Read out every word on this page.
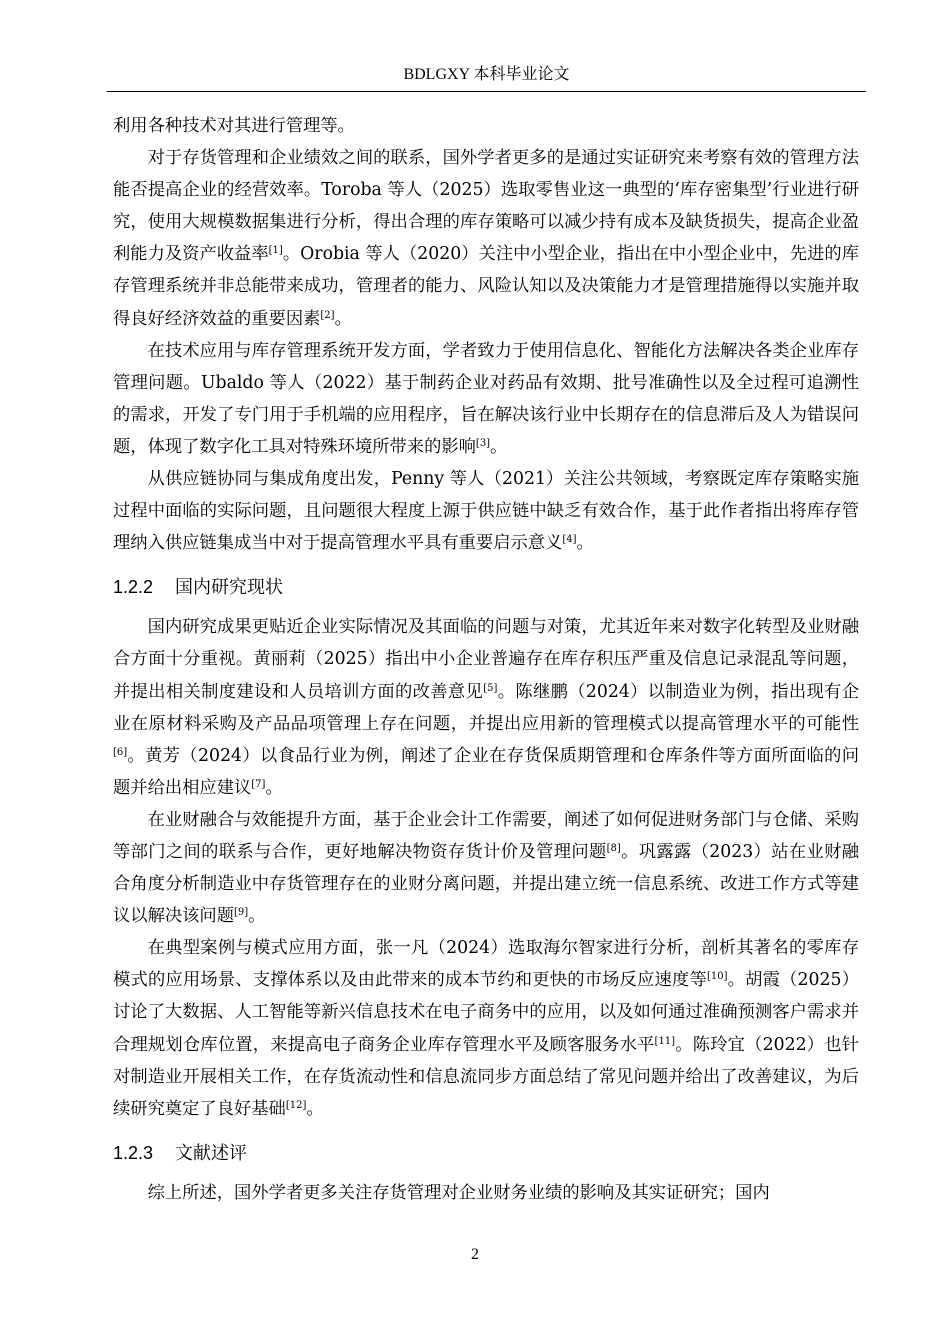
BDLGXY 本科毕业论文

利用各种技术对其进行管理等。

对于存货管理和企业绩效之间的联系，国外学者更多的是通过实证研究来考察有效的管理方法能否提高企业的经营效率。Toroba 等人（2025）选取零售业这一典型的‘库存密集型’行业进行研究，使用大规模数据集进行分析，得出合理的库存策略可以减少持有成本及缺货损失，提高企业盈利能力及资产收益率[1]。Orobia 等人（2020）关注中小型企业，指出在中小型企业中，先进的库存管理系统并非总能带来成功，管理者的能力、风险认知以及决策能力才是管理措施得以实施并取得良好经济效益的重要因素[2]。

在技术应用与库存管理系统开发方面，学者致力于使用信息化、智能化方法解决各类企业库存管理问题。Ubaldo 等人（2022）基于制药企业对药品有效期、批号准确性以及全过程可追溯性的需求，开发了专门用于手机端的应用程序，旨在解决该行业中长期存在的信息滞后及人为错误问题，体现了数字化工具对特殊环境所带来的影响[3]。

从供应链协同与集成角度出发，Penny 等人（2021）关注公共领域，考察既定库存策略实施过程中面临的实际问题，且问题很大程度上源于供应链中缺乏有效合作，基于此作者指出将库存管理纳入供应链集成当中对于提高管理水平具有重要启示意义[4]。

1.2.2 国内研究现状

国内研究成果更贴近企业实际情况及其面临的问题与对策，尤其近年来对数字化转型及业财融合方面十分重视。黄丽莉（2025）指出中小企业普遍存在库存积压严重及信息记录混乱等问题，并提出相关制度建设和人员培训方面的改善意见[5]。陈继鹏（2024）以制造业为例，指出现有企业在原材料采购及产品品项管理上存在问题，并提出应用新的管理模式以提高管理水平的可能性[6]。黄芳（2024）以食品行业为例，阐述了企业在存货保质期管理和仓库条件等方面所面临的问题并给出相应建议[7]。

在业财融合与效能提升方面，基于企业会计工作需要，阐述了如何促进财务部门与仓储、采购等部门之间的联系与合作，更好地解决物资存货计价及管理问题[8]。巩露露（2023）站在业财融合角度分析制造业中存货管理存在的业财分离问题，并提出建立统一信息系统、改进工作方式等建议以解决该问题[9]。

在典型案例与模式应用方面，张一凡（2024）选取海尔智家进行分析，剖析其著名的零库存模式的应用场景、支撑体系以及由此带来的成本节约和更快的市场反应速度等[10]。胡霞（2025）讨论了大数据、人工智能等新兴信息技术在电子商务中的应用，以及如何通过准确预测客户需求并合理规划仓库位置，来提高电子商务企业库存管理水平及顾客服务水平[11]。陈玲宜（2022）也针对制造业开展相关工作，在存货流动性和信息流同步方面总结了常见问题并给出了改善建议，为后续研究奠定了良好基础[12]。

1.2.3 文献述评

综上所述，国外学者更多关注存货管理对企业财务业绩的影响及其实证研究；国内

2
